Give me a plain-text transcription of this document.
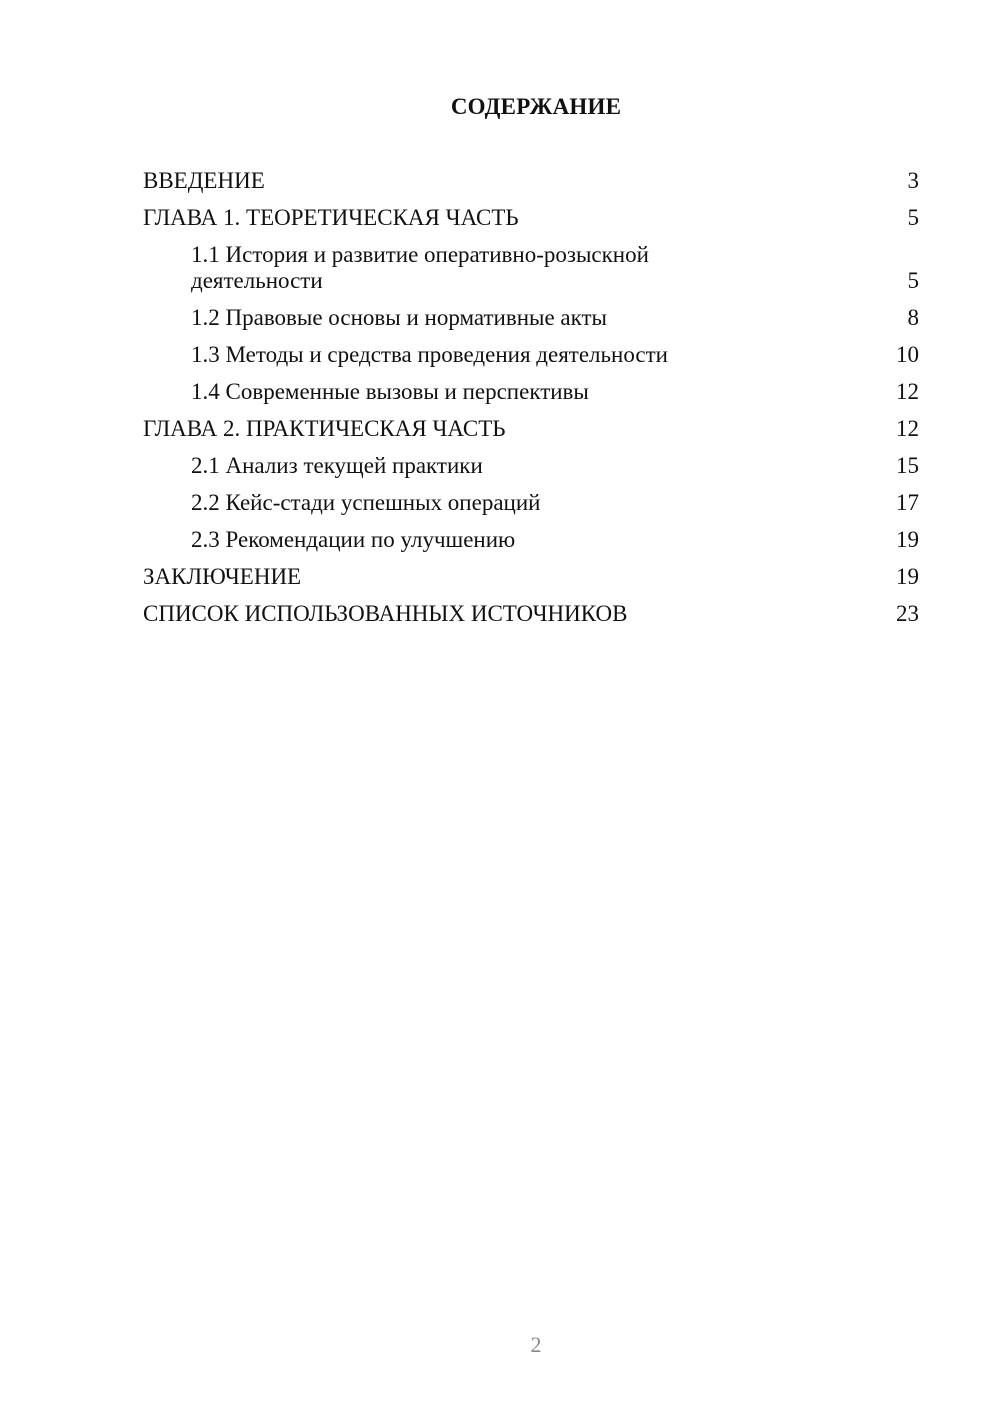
СОДЕРЖАНИЕ
ВВЕДЕНИЕ	3
ГЛАВА 1. ТЕОРЕТИЧЕСКАЯ ЧАСТЬ	5
1.1 История и развитие оперативно-розыскной деятельности	5
1.2 Правовые основы и нормативные акты	8
1.3 Методы и средства проведения деятельности	10
1.4 Современные вызовы и перспективы	12
ГЛАВА 2. ПРАКТИЧЕСКАЯ ЧАСТЬ	12
2.1 Анализ текущей практики	15
2.2 Кейс-стади успешных операций	17
2.3 Рекомендации по улучшению	19
ЗАКЛЮЧЕНИЕ	19
СПИСОК ИСПОЛЬЗОВАННЫХ ИСТОЧНИКОВ	23
2
